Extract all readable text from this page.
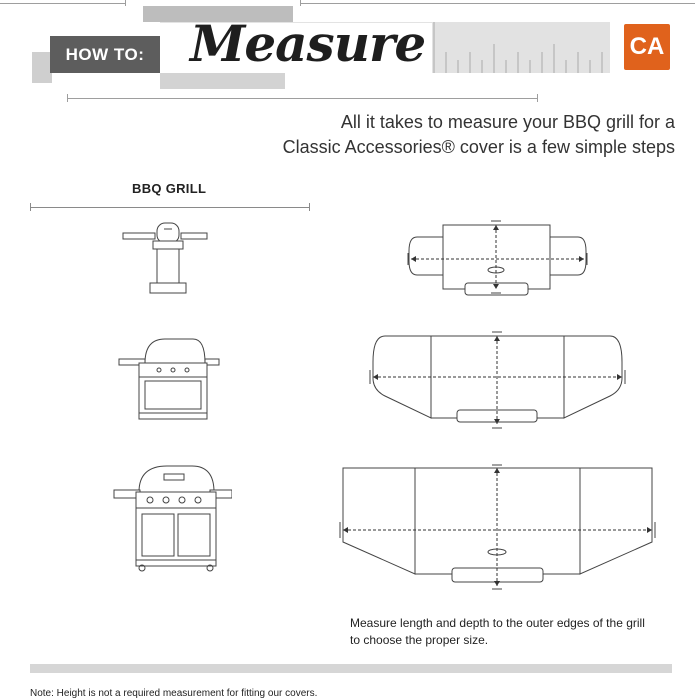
HOW TO: Measure	CA
All it takes to measure your BBQ grill for a
Classic Accessories® cover is a few simple steps
BBQ GRILL
Measure length and depth to the outer edges of the grill
to choose the proper size.
Note: Height is not a required measurement for fitting our covers.
